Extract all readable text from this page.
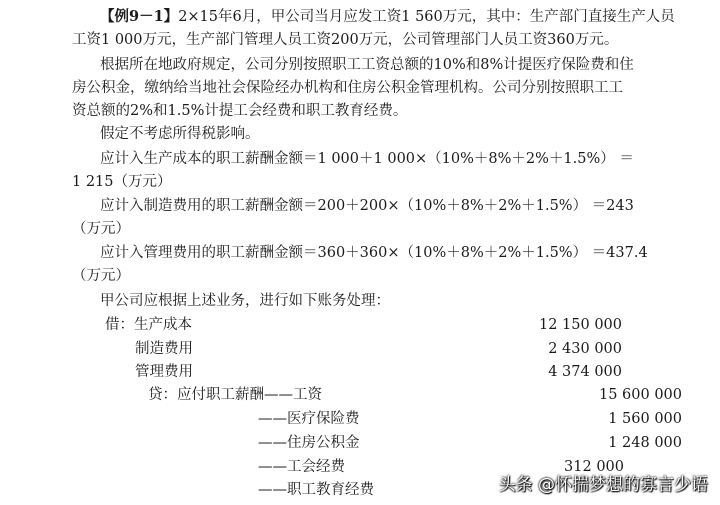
【例9－1】2×15年6月，甲公司当月应发工资1 560万元，其中：生产部门直接生产人员
工资1 000万元，生产部门管理人员工资200万元，公司管理部门人员工资360万元。
根据所在地政府规定，公司分别按照职工工资总额的10%和8%计提医疗保险费和住
房公积金，缴纳给当地社会保险经办机构和住房公积金管理机构。公司分别按照职工工
资总额的2%和1.5%计提工会经费和职工教育经费。
假定不考虑所得税影响。
应计入生产成本的职工薪酬金额＝1 000＋1 000×（10%＋8%＋2%＋1.5%） ＝
1 215（万元）
应计入制造费用的职工薪酬金额＝200＋200×（10%＋8%＋2%＋1.5%） ＝243
（万元）
应计入管理费用的职工薪酬金额＝360＋360×（10%＋8%＋2%＋1.5%） ＝437.4
（万元）
甲公司应根据上述业务，进行如下账务处理：
借：生产成本	12 150 000
制造费用	2 430 000
管理费用	4 374 000
贷：应付职工薪酬——工资	15 600 000
——医疗保险费	1 560 000
——住房公积金	1 248 000
——工会经费	312 000
——职工教育经费	头条 @怀揣梦想的寡言少语
